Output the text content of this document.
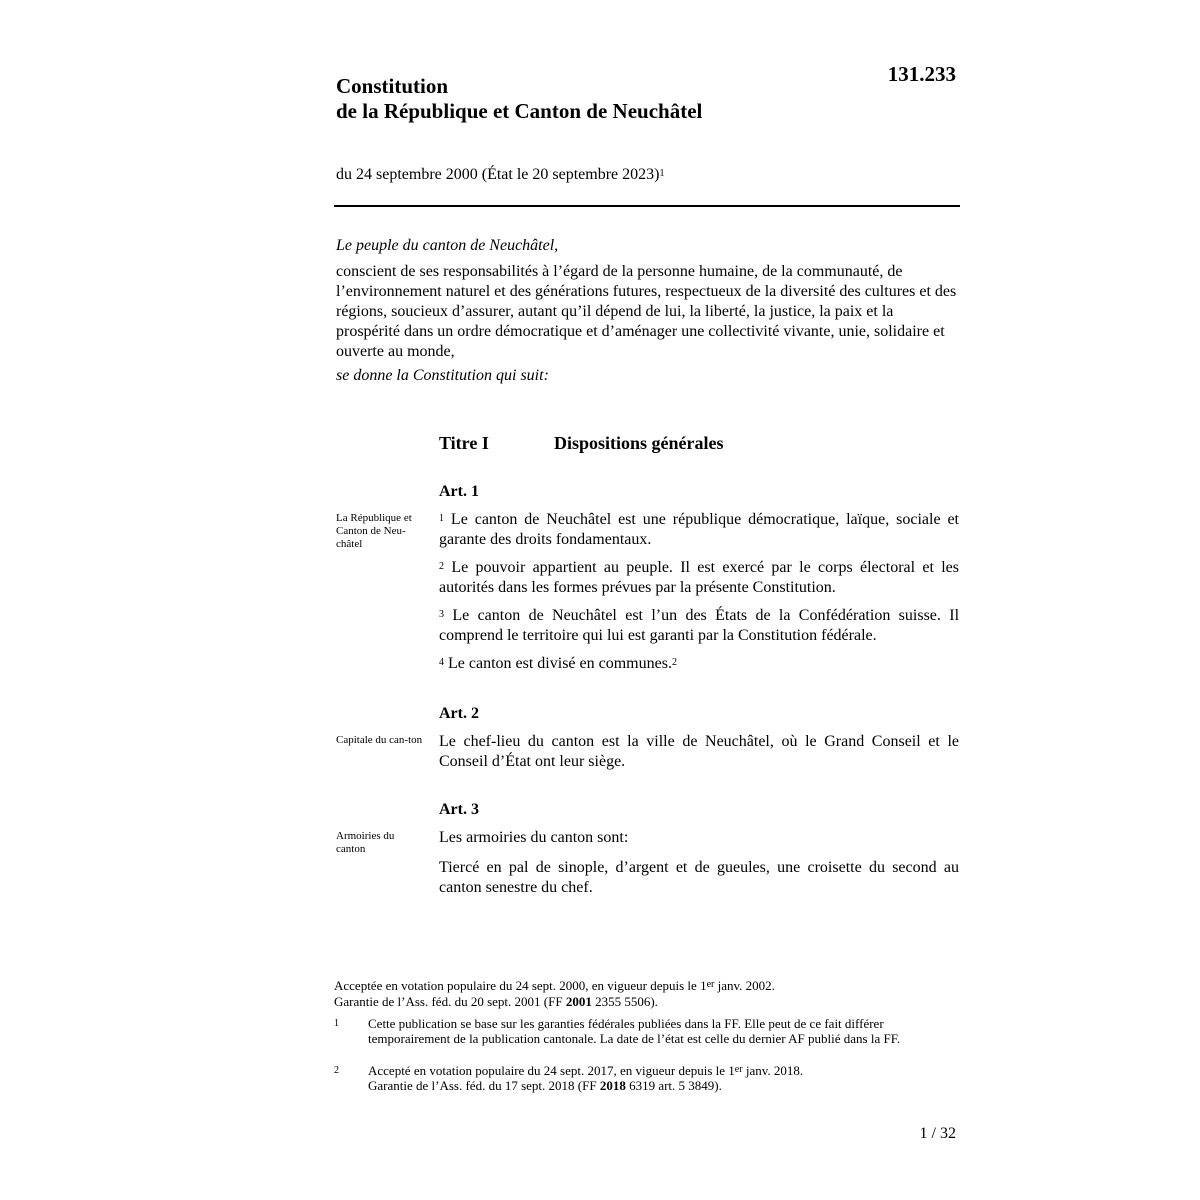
Constitution
de la République et Canton de Neuchâtel
131.233
du 24 septembre 2000 (État le 20 septembre 2023)$^1$

Le peuple du canton de Neuchâtel,

conscient de ses responsabilités à l’égard de la personne humaine, de la communauté, de l’environnement naturel et des générations futures, respectueux de la diversité des cultures et des régions, soucieux d’assurer, autant qu’il dépend de lui, la liberté, la justice, la paix et la prospérité dans un ordre démocratique et d’aménager une collectivité vivante, unie, solidaire et ouverte au monde,

se donne la Constitution qui suit:

Titre I	Dispositions générales
Art. 1
La République et Canton de Neu-châtel

$^1$ Le canton de Neuchâtel est une république démocratique, laïque, sociale et garante des droits fondamentaux.

$^2$ Le pouvoir appartient au peuple. Il est exercé par le corps électoral et les autorités dans les formes prévues par la présente Constitution.

$^3$ Le canton de Neuchâtel est l’un des États de la Confédération suisse. Il comprend le territoire qui lui est garanti par la Constitution fédérale.

$^4$ Le canton est divisé en communes.$^2$

Art. 2
Capitale du can-ton	Le chef-lieu du canton est la ville de Neuchâtel, où le Grand Conseil et le Conseil d’État ont leur siège.

Art. 3
Armoiries du canton

Les armoiries du canton sont:

Tiercé en pal de sinople, d’argent et de gueules, une croisette du second au canton senestre du chef.

Acceptée en votation populaire du 24 sept. 2000, en vigueur depuis le 1er janv. 2002.
Garantie de l’Ass. féd. du 20 sept. 2001 (FF 2001 2355 5506).
1 Cette publication se base sur les garanties fédérales publiées dans la FF. Elle peut de ce fait différer temporairement de la publication cantonale. La date de l’état est celle du dernier AF publié dans la FF.
2 Accepté en votation populaire du 24 sept. 2017, en vigueur depuis le 1er janv. 2018.
Garantie de l’Ass. féd. du 17 sept. 2018 (FF 2018 6319 art. 5 3849).
1 / 32
